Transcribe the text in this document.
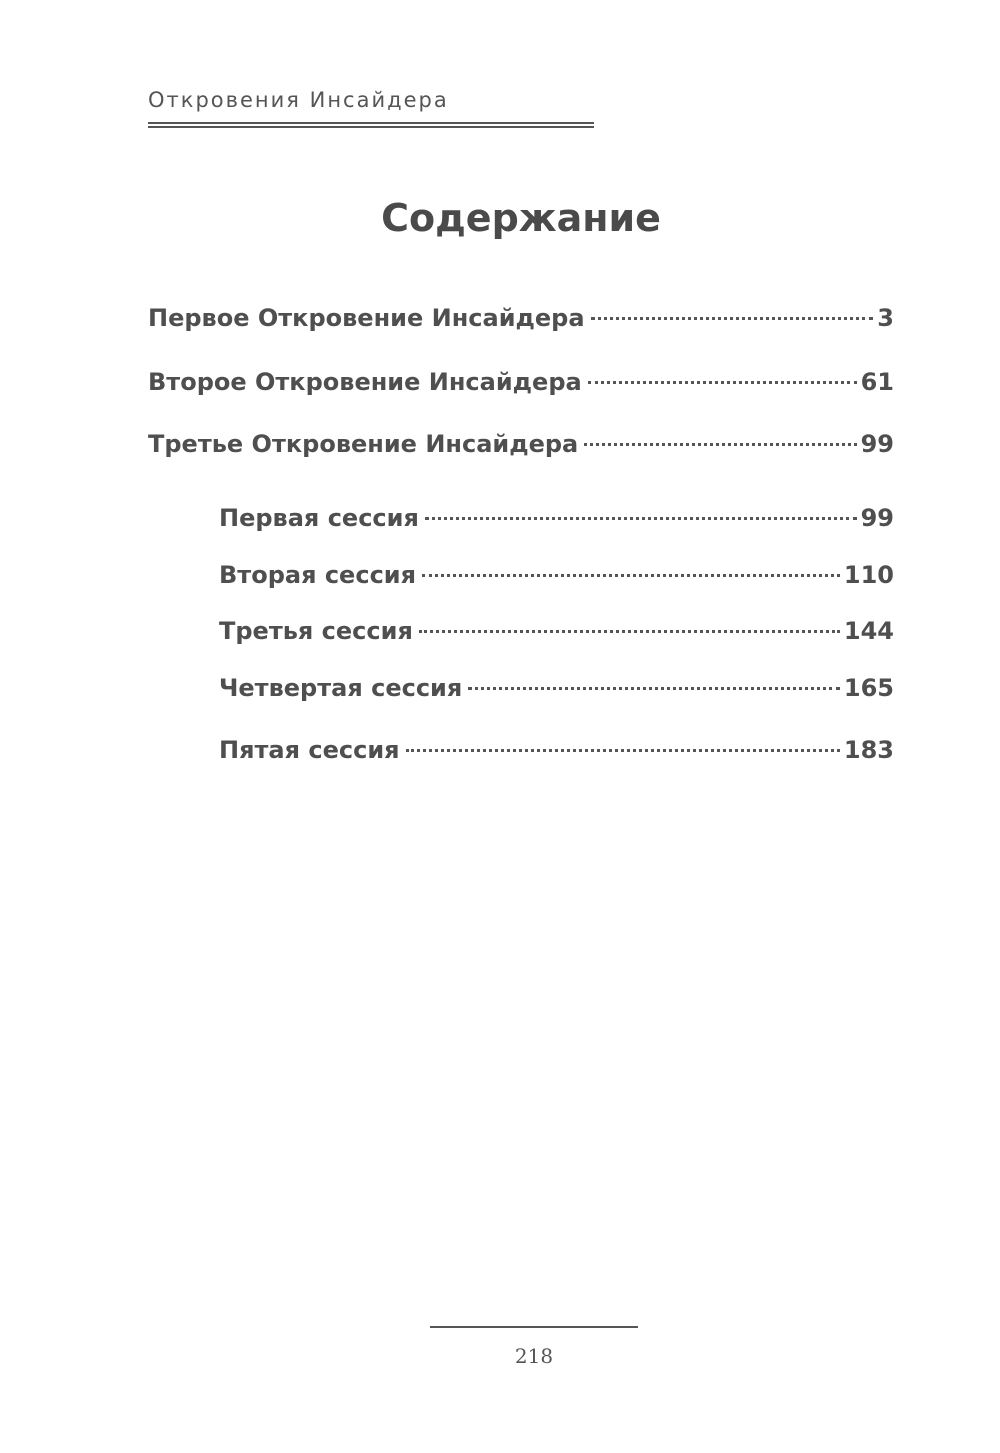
Откровения Инсайдера
Содержание
Первое Откровение Инсайдера	3
Второе Откровение Инсайдера	61
Третье Откровение Инсайдера	99
Первая сессия	99
Вторая сессия	110
Третья сессия	144
Четвертая сессия	165
Пятая сессия	183
218
